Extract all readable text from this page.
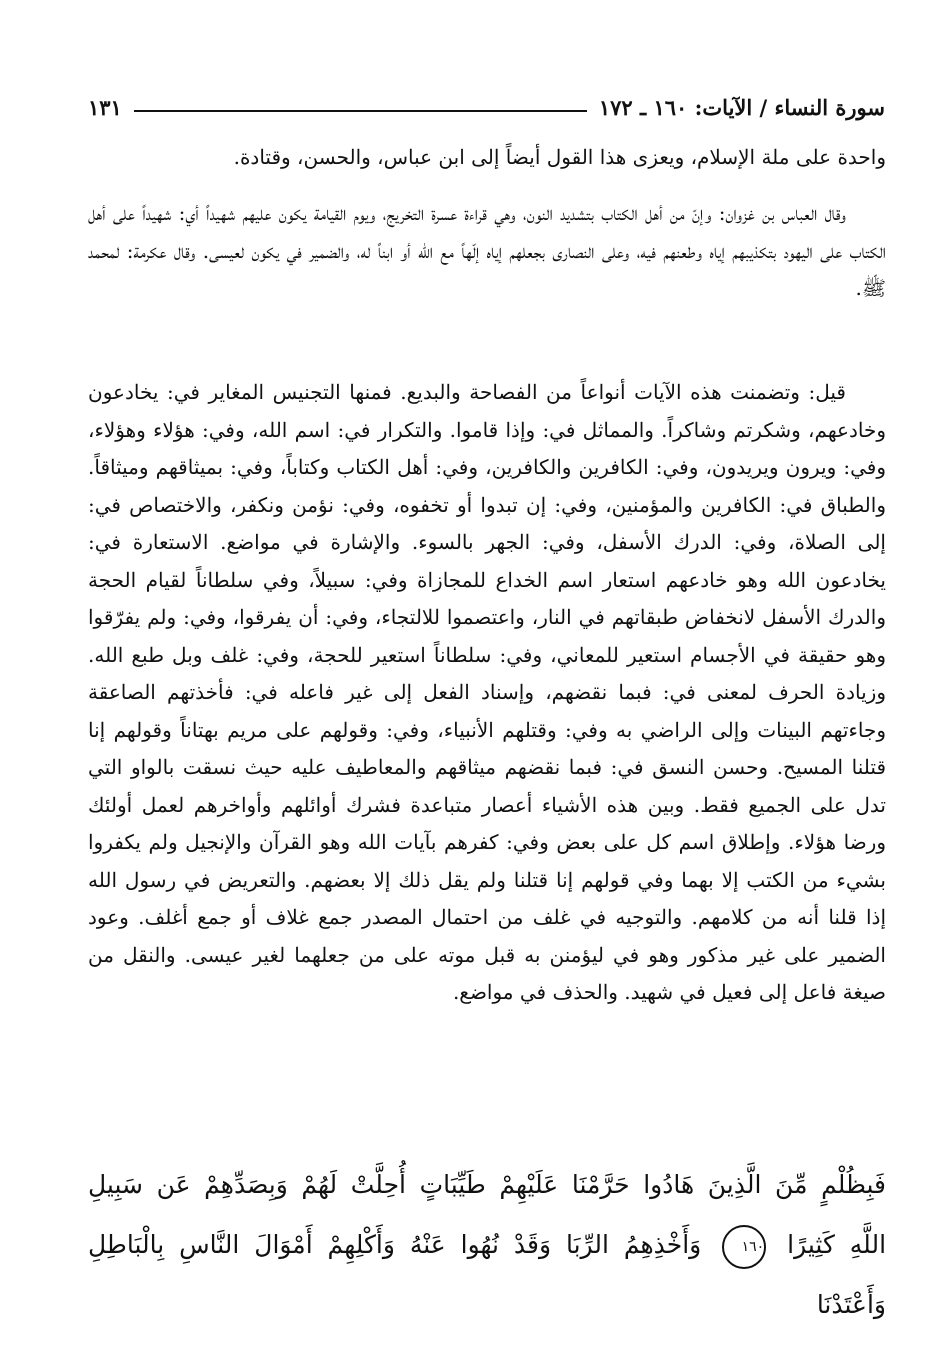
سورة النساء / الآيات: ١٦٠ ـ ١٧٢
١٣١
واحدة على ملة الإسلام، ويعزى هذا القول أيضاً إلى ابن عباس، والحسن، وقتادة.
وقال العباس بن غزوان: وإنّ من أهل الكتاب بتشديد النون، وهي قراءة عسرة التخريج، ويوم القيامة يكون عليهم شهيداً أي: شهيداً على أهل الكتاب على اليهود بتكذيبهم إياه وطعنهم فيه، وعلى النصارى بجعلهم إياه إلّهاً مع الله أو ابناً له، والضمير في يكون لعيسى. وقال عكرمة: لمحمد ﷺ.
قيل: وتضمنت هذه الآيات أنواعاً من الفصاحة والبديع. فمنها التجنيس المغاير في: يخادعون وخادعهم، وشكرتم وشاكراً. والمماثل في: وإذا قاموا. والتكرار في: اسم الله، وفي: هؤلاء وهؤلاء، وفي: ويرون ويريدون، وفي: الكافرين والكافرين، وفي: أهل الكتاب وكتاباً، وفي: بميثاقهم وميثاقاً. والطباق في: الكافرين والمؤمنين، وفي: إن تبدوا أو تخفوه، وفي: نؤمن ونكفر، والاختصاص في: إلى الصلاة، وفي: الدرك الأسفل، وفي: الجهر بالسوء. والإشارة في مواضع. الاستعارة في: يخادعون الله وهو خادعهم استعار اسم الخداع للمجازاة وفي: سبيلاً، وفي سلطاناً لقيام الحجة والدرك الأسفل لانخفاض طبقاتهم في النار، واعتصموا للالتجاء، وفي: أن يفرقوا، وفي: ولم يفرّقوا وهو حقيقة في الأجسام استعير للمعاني، وفي: سلطاناً استعير للحجة، وفي: غلف وبل طبع الله. وزيادة الحرف لمعنى في: فبما نقضهم، وإسناد الفعل إلى غير فاعله في: فأخذتهم الصاعقة وجاءتهم البينات وإلى الراضي به وفي: وقتلهم الأنبياء، وفي: وقولهم على مريم بهتاناً وقولهم إنا قتلنا المسيح. وحسن النسق في: فبما نقضهم ميثاقهم والمعاطيف عليه حيث نسقت بالواو التي تدل على الجميع فقط. وبين هذه الأشياء أعصار متباعدة فشرك أوائلهم وأواخرهم لعمل أولئك ورضا هؤلاء. وإطلاق اسم كل على بعض وفي: كفرهم بآيات الله وهو القرآن والإنجيل ولم يكفروا بشيء من الكتب إلا بهما وفي قولهم إنا قتلنا ولم يقل ذلك إلا بعضهم. والتعريض في رسول الله إذا قلنا أنه من كلامهم. والتوجيه في غلف من احتمال المصدر جمع غلاف أو جمع أغلف. وعود الضمير على غير مذكور وهو في ليؤمنن به قبل موته على من جعلهما لغير عيسى. والنقل من صيغة فاعل إلى فعيل في شهيد. والحذف في مواضع.
فَبِظُلْمٍ مِّنَ الَّذِينَ هَادُوا حَرَّمْنَا عَلَيْهِمْ طَيِّبَاتٍ أُحِلَّتْ لَهُمْ وَبِصَدِّهِمْ عَن سَبِيلِ
اللَّهِ كَثِيرًا ١٦٠ وَأَخْذِهِمُ الرِّبَا وَقَدْ نُهُوا عَنْهُ وَأَكْلِهِمْ أَمْوَالَ النَّاسِ بِالْبَاطِلِ وَأَعْتَدْنَا
